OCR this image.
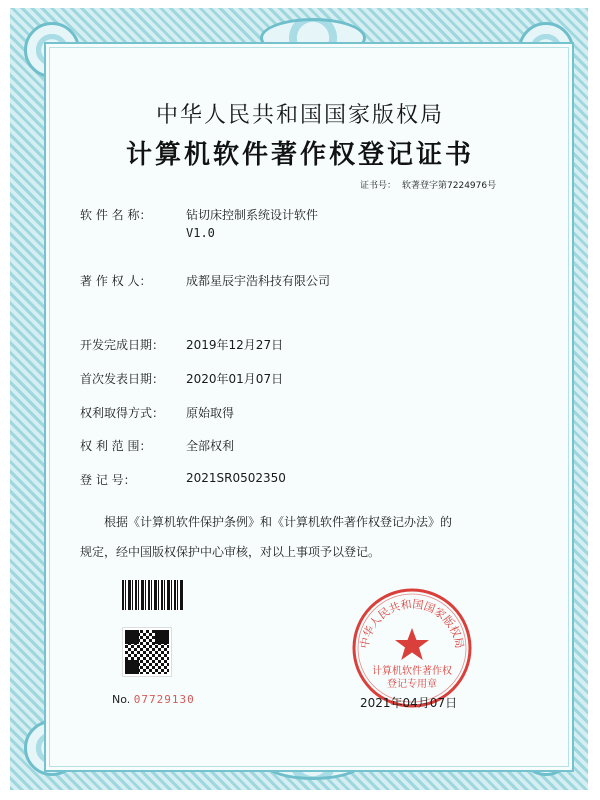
中华人民共和国国家版权局
计算机软件著作权登记证书
证书号： 软著登字第7224976号
软 件 名 称：	钻切床控制系统设计软件
V1.0
著 作 权 人：	成都星辰宇浩科技有限公司
开发完成日期：	2019年12月27日
首次发表日期：	2020年01月07日
权利取得方式：	原始取得
权 利 范 围：	全部权利
登 记 号：	2021SR0502350
根据《计算机软件保护条例》和《计算机软件著作权登记办法》的
规定，经中国版权保护中心审核，对以上事项予以登记。
No. 07729130
中华人民共和国国家版权局
计算机软件著作权
登记专用章
2021年04月07日
